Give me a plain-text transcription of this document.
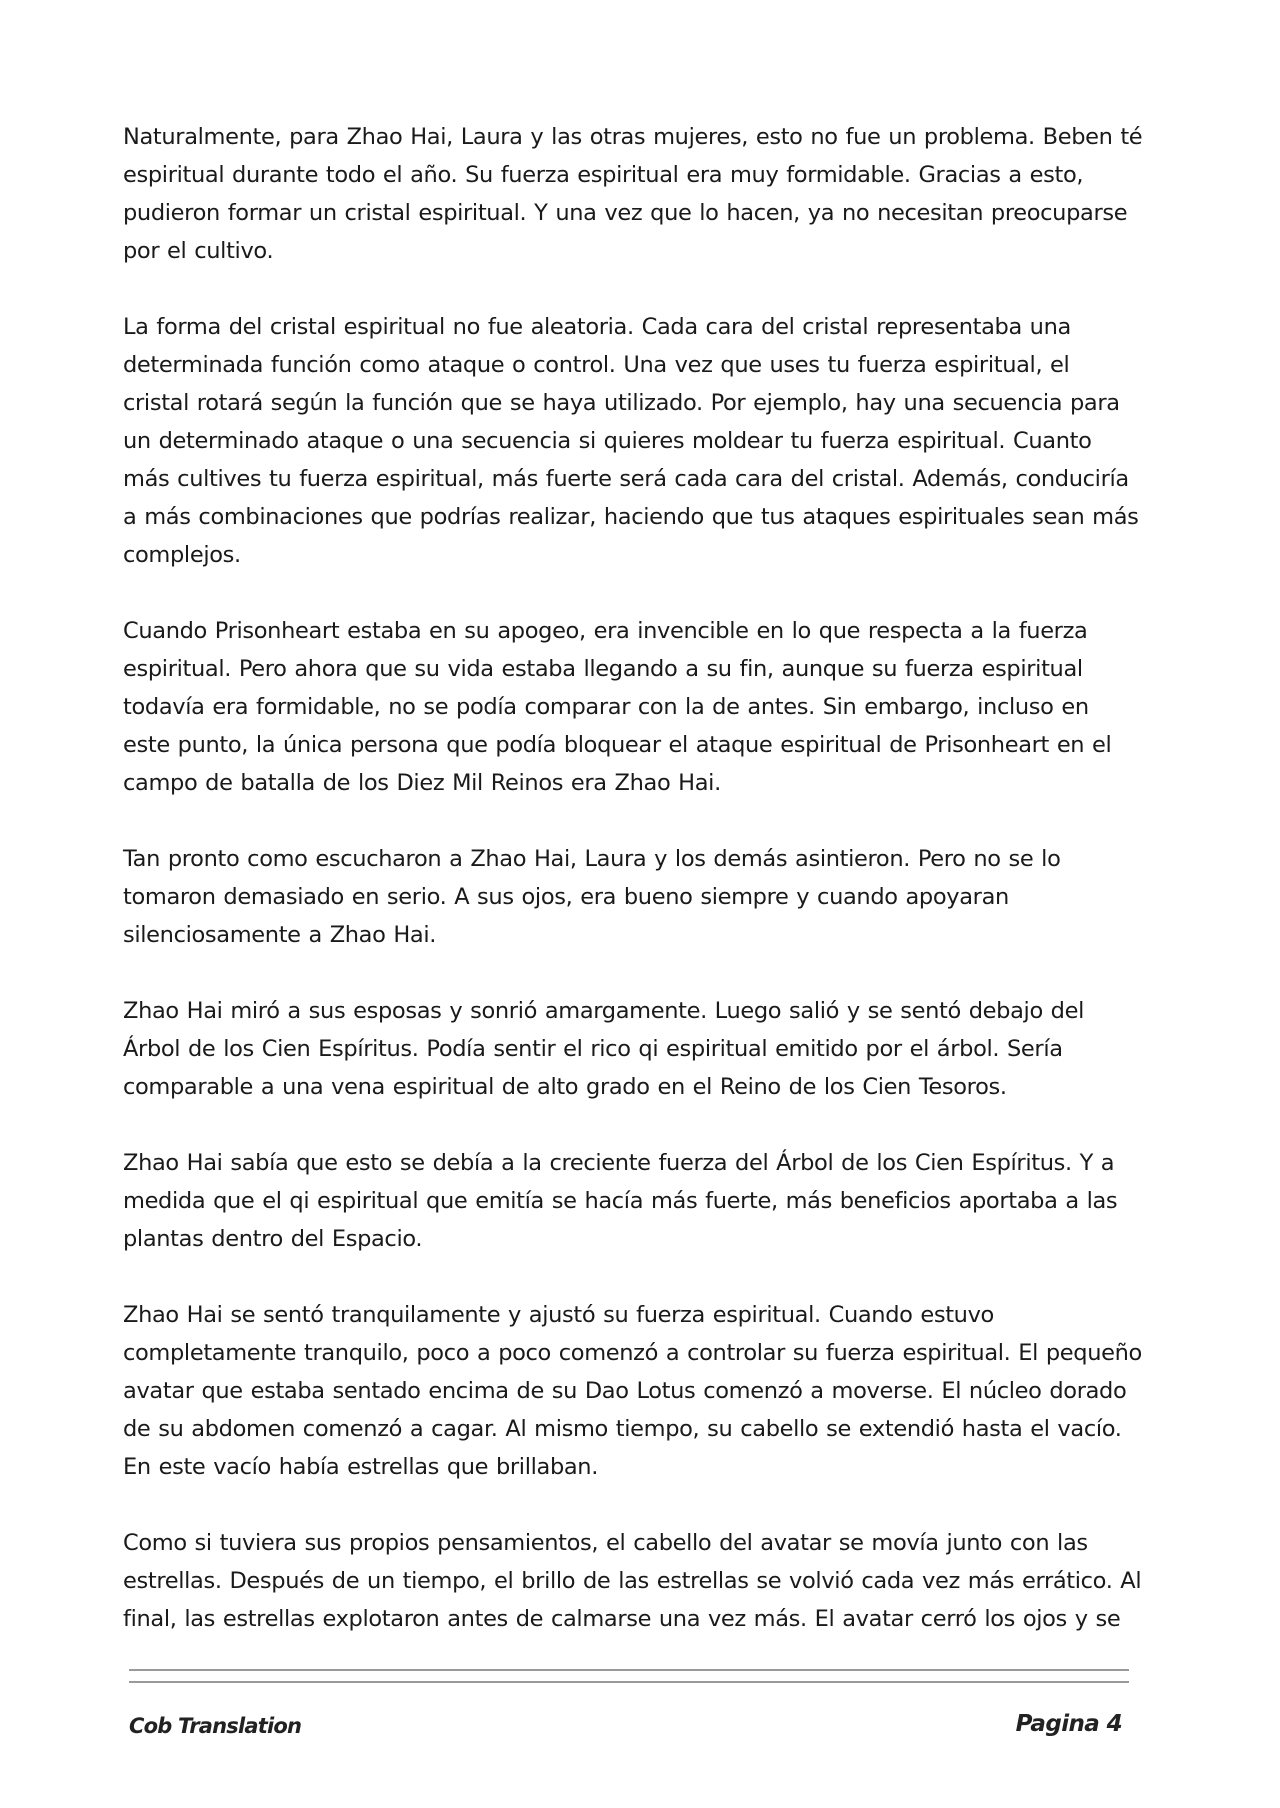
Naturalmente, para Zhao Hai, Laura y las otras mujeres, esto no fue un problema. Beben té espiritual durante todo el año. Su fuerza espiritual era muy formidable. Gracias a esto, pudieron formar un cristal espiritual. Y una vez que lo hacen, ya no necesitan preocuparse por el cultivo.

La forma del cristal espiritual no fue aleatoria. Cada cara del cristal representaba una determinada función como ataque o control. Una vez que uses tu fuerza espiritual, el cristal rotará según la función que se haya utilizado. Por ejemplo, hay una secuencia para un determinado ataque o una secuencia si quieres moldear tu fuerza espiritual. Cuanto más cultives tu fuerza espiritual, más fuerte será cada cara del cristal. Además, conduciría a más combinaciones que podrías realizar, haciendo que tus ataques espirituales sean más complejos.

Cuando Prisonheart estaba en su apogeo, era invencible en lo que respecta a la fuerza espiritual. Pero ahora que su vida estaba llegando a su fin, aunque su fuerza espiritual todavía era formidable, no se podía comparar con la de antes. Sin embargo, incluso en este punto, la única persona que podía bloquear el ataque espiritual de Prisonheart en el campo de batalla de los Diez Mil Reinos era Zhao Hai.

Tan pronto como escucharon a Zhao Hai, Laura y los demás asintieron. Pero no se lo tomaron demasiado en serio. A sus ojos, era bueno siempre y cuando apoyaran silenciosamente a Zhao Hai.

Zhao Hai miró a sus esposas y sonrió amargamente. Luego salió y se sentó debajo del Árbol de los Cien Espíritus. Podía sentir el rico qi espiritual emitido por el árbol. Sería comparable a una vena espiritual de alto grado en el Reino de los Cien Tesoros.

Zhao Hai sabía que esto se debía a la creciente fuerza del Árbol de los Cien Espíritus. Y a medida que el qi espiritual que emitía se hacía más fuerte, más beneficios aportaba a las plantas dentro del Espacio.

Zhao Hai se sentó tranquilamente y ajustó su fuerza espiritual. Cuando estuvo completamente tranquilo, poco a poco comenzó a controlar su fuerza espiritual. El pequeño avatar que estaba sentado encima de su Dao Lotus comenzó a moverse. El núcleo dorado de su abdomen comenzó a cagar. Al mismo tiempo, su cabello se extendió hasta el vacío. En este vacío había estrellas que brillaban.

Como si tuviera sus propios pensamientos, el cabello del avatar se movía junto con las estrellas. Después de un tiempo, el brillo de las estrellas se volvió cada vez más errático. Al final, las estrellas explotaron antes de calmarse una vez más. El avatar cerró los ojos y se

Cob Translation	Pagina 4
